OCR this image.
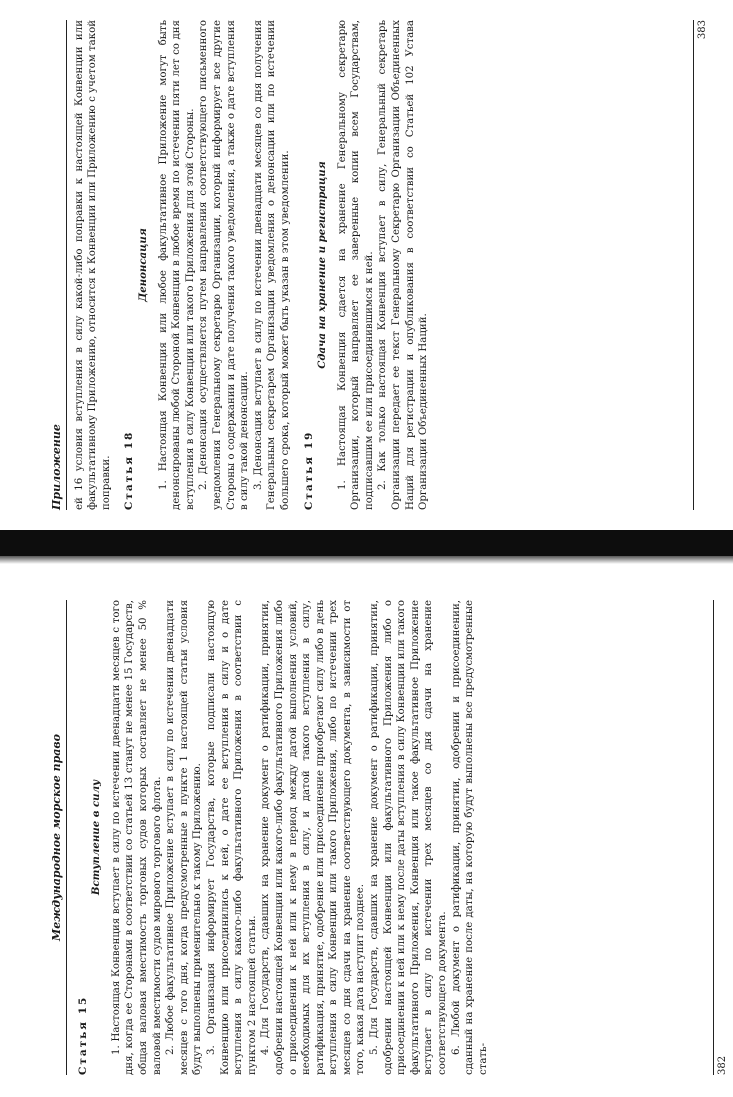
Международное морское право
Статья 15
Вступление в силу 1. Настоящая Конвенция вступает в силу по истечении двенадцати месяцев с того дня, когда ее Сторонами в соответствии со статьей 13 станут не менее 15 Государств, общая валовая вместимость торговых судов которых составляет не менее 50 % валовой вместимости судов мирового торгового флота. 2. Любое факультативное Приложение вступает в силу по истечении двенадцати месяцев с того дня, когда предусмотренные в пункте 1 настоящей статьи условия будут выполнены применительно к такому Приложению. 3. Организация информирует Государства, которые подписали настоящую Конвенцию или присоединились к ней, о дате ее вступления в силу и о дате вступления в силу какого-либо факультативного Приложения в соответствии с пунктом 2 настоящей статьи. 4. Для Государств, сдавших на хранение документ о ратификации, принятии, одобрении настоящей Конвенции или какого-либо факультативного Приложения либо о присоединении к ней или к нему в период между датой выполнения условий, необходимых для их вступления в силу, и датой такого вступления в силу, ратификация, принятие, одобрение или присоединение приобретают силу либо в день вступления в силу Конвенции или такого Приложения, либо по истечении трех месяцев со дня сдачи на хранение соответствующего документа, в зависимости от того, какая дата наступит позднее. 5. Для Государств, сдавших на хранение документ о ратификации, принятии, одобрении настоящей Конвенции или факультативного Приложения либо о присоединении к ней или к нему после даты вступления в силу Конвенции или такого факультативного Приложения, Конвенция или такое факультативное Приложение вступает в силу по истечении трех месяцев со дня сдачи на хранение соответствующего документа. 6. Любой документ о ратификации, принятии, одобрении и присоединении, сданный на хранение после даты, на которую будут выполнены все предусмотренные стать-	382
Приложение	ей 16 условия вступления в силу какой-либо поправки к настоящей Конвенции или факультативному Приложению, относится к Конвенции или Приложению с учетом такой поправки. Статья 18
Денонсация 1. Настоящая Конвенция или любое факультативное Приложение могут быть денонсированы любой Стороной Конвенции в любое время по истечении пяти лет со дня вступления в силу Конвенции или такого Приложения для этой Стороны. 2. Денонсация осуществляется путем направления соответствующего письменного уведомления Генеральному секретарю Организации, который информирует все другие Стороны о содержании и дате получения такого уведомления, а также о дате вступления в силу такой денонсации. 3. Денонсация вступает в силу по истечении двенадцати месяцев со дня получения Генеральным секретарем Организации уведомления о денонсации или по истечении большего срока, который может быть указан в этом уведомлении. Статья 19
Сдача на хранение и регистрация 1. Настоящая Конвенция сдается на хранение Генеральному секретарю Организации, который направляет ее заверенные копии всем Государствам, подписавшим ее или присоединившимся к ней. 2. Как только настоящая Конвенция вступает в силу, Генеральный секретарь Организации передает ее текст Генеральному Секретарю Организации Объединенных Наций для регистрации и опубликования в соответствии со Статьей 102 Устава Организации Объединенных Наций.

383
